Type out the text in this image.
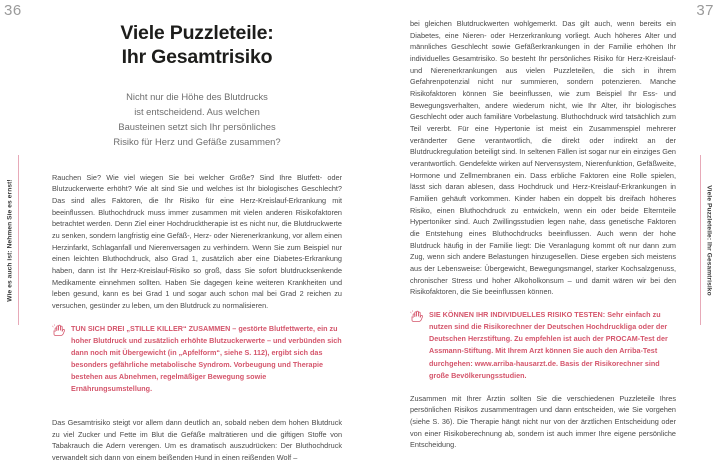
36	37
Wie es auch ist: Nehmen Sie es ernst!	Viele Puzzleteile: Ihr Gesamtrisiko
Viele Puzzleteile:
Ihr Gesamtrisiko
Nicht nur die Höhe des Blutdrucks
ist entscheidend. Aus welchen
Bausteinen setzt sich Ihr persönliches
Risiko für Herz und Gefäße zusammen?

Rauchen Sie? Wie viel wiegen Sie bei welcher Größe? Sind Ihre Blutfett- oder Blutzuckerwerte erhöht? Wie alt sind Sie und welches ist Ihr biologisches Geschlecht? Das sind alles Faktoren, die Ihr Risiko für eine Herz-Kreislauf-Erkrankung mit beeinflussen. Bluthochdruck muss immer zusammen mit vielen anderen Risikofaktoren betrachtet werden. Denn Ziel einer Hochdrucktherapie ist es nicht nur, die Blutdruckwerte zu senken, sondern langfristig eine Gefäß-, Herz- oder Nierenerkrankung, vor allem einen Herzinfarkt, Schlaganfall und Nierenversagen zu verhindern. Wenn Sie zum Beispiel nur einen leichten Bluthochdruck, also Grad 1, zusätzlich aber eine Diabetes-Erkrankung haben, dann ist Ihr Herz-Kreislauf-Risiko so groß, dass Sie sofort blutdrucksenkende Medikamente einnehmen sollten. Haben Sie dagegen keine weiteren Krankheiten und leben gesund, kann es bei Grad 1 und sogar auch schon mal bei Grad 2 reichen zu versuchen, gesünder zu leben, um den Blutdruck zu normalisieren.

TUN SICH DREI „STILLE KILLER“ ZUSAMMEN – gestörte Blutfettwerte, ein zu hoher Blutdruck und zusätzlich erhöhte Blutzuckerwerte – und verbünden sich dann noch mit Übergewicht (in „Apfelform“, siehe S. 112), ergibt sich das besonders gefährliche metabolische Syndrom. Vorbeugung und Therapie bestehen aus Abnehmen, regelmäßiger Bewegung sowie Ernährungsumstellung.

Das Gesamtrisiko steigt vor allem dann deutlich an, sobald neben dem hohen Blutdruck zu viel Zucker und Fette im Blut die Gefäße malträtieren und die giftigen Stoffe von Tabakrauch die Adern verengen. Um es dramatisch auszudrücken: Der Bluthochdruck verwandelt sich dann von einem beißenden Hund in einen reißenden Wolf –

bei gleichen Blutdruckwerten wohlgemerkt. Das gilt auch, wenn bereits ein Diabetes, eine Nieren- oder Herzerkrankung vorliegt. Auch höheres Alter und männliches Geschlecht sowie Gefäßerkrankungen in der Familie erhöhen Ihr individuelles Gesamtrisiko. So besteht Ihr persönliches Risiko für Herz-Kreislauf- und Nierenerkrankungen aus vielen Puzzleteilen, die sich in ihrem Gefahrenpotenzial nicht nur summieren, sondern potenzieren. Manche Risikofaktoren können Sie beeinflussen, wie zum Beispiel Ihr Ess- und Bewegungsverhalten, andere wiederum nicht, wie Ihr Alter, ihr biologisches Geschlecht oder auch familiäre Vorbelastung. Bluthochdruck wird tatsächlich zum Teil vererbt. Für eine Hypertonie ist meist ein Zusammenspiel mehrerer veränderter Gene verantwortlich, die direkt oder indirekt an der Blutdruckregulation beteiligt sind. In seltenen Fällen ist sogar nur ein einziges Gen verantwortlich. Gendefekte wirken auf Nervensystem, Nierenfunktion, Gefäßweite, Hormone und Zellmembranen ein. Dass erbliche Faktoren eine Rolle spielen, lässt sich daran ablesen, dass Hochdruck und Herz-Kreislauf-Erkrankungen in Familien gehäuft vorkommen. Kinder haben ein doppelt bis dreifach höheres Risiko, einen Bluthochdruck zu entwickeln, wenn ein oder beide Elternteile Hypertoniker sind. Auch Zwillingsstudien legen nahe, dass genetische Faktoren die Entstehung eines Bluthochdrucks beeinflussen. Auch wenn der hohe Blutdruck häufig in der Familie liegt: Die Veranlagung kommt oft nur dann zum Zug, wenn sich andere Belastungen hinzugesellen. Diese ergeben sich meistens aus der Lebensweise: Übergewicht, Bewegungsmangel, starker Kochsalzgenuss, chronischer Stress und hoher Alkoholkonsum – und damit wären wir bei den Risikofaktoren, die Sie beeinflussen können.

SIE KÖNNEN IHR INDIVIDUELLES RISIKO TESTEN: Sehr einfach zu nutzen sind die Risikorechner der Deutschen Hochdruckliga oder der Deutschen Herzstiftung. Zu empfehlen ist auch der PROCAM-Test der Assmann-Stiftung. Mit Ihrem Arzt können Sie auch den Arriba-Test durchgehen: www.arriba-hausarzt.de. Basis der Risikorechner sind große Bevölkerungsstudien.

Zusammen mit Ihrer Ärztin sollten Sie die verschiedenen Puzzleteile Ihres persönlichen Risikos zusammentragen und dann entscheiden, wie Sie vorgehen (siehe S. 36). Die Therapie hängt nicht nur von der ärztlichen Entscheidung oder von einer Risikoberechnung ab, sondern ist auch immer Ihre eigene persönliche Entscheidung.
